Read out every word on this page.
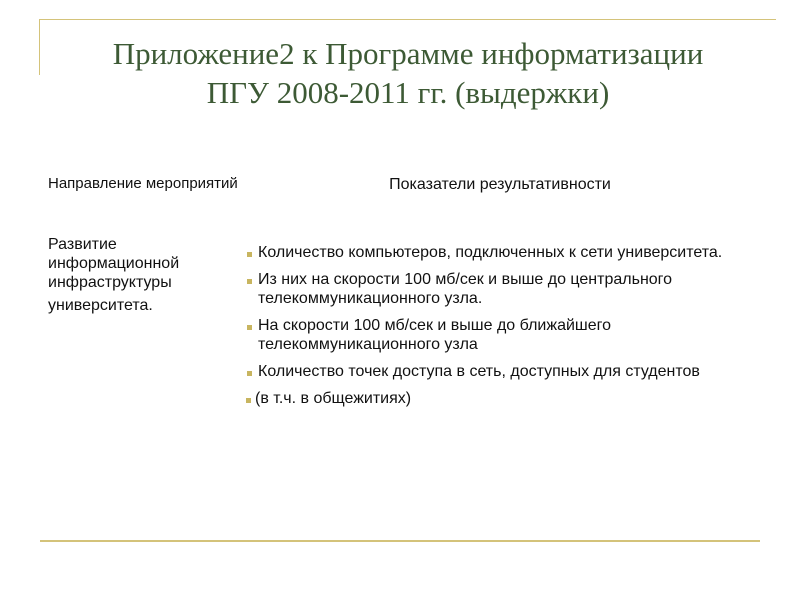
Приложение2 к Программе информатизации
ПГУ 2008-2011 гг. (выдержки)
Направление мероприятий	Показатели результативности
Развитие информационной инфраструктуры
университета.
Количество компьютеров, подключенных к сети университета.
Из них на скорости 100 мб/сек и выше до центрального телекоммуникационного узла.
На скорости 100 мб/сек и выше до ближайшего телекоммуникационного узла
Количество точек доступа в сеть, доступных для студентов
(в т.ч. в общежитиях)
